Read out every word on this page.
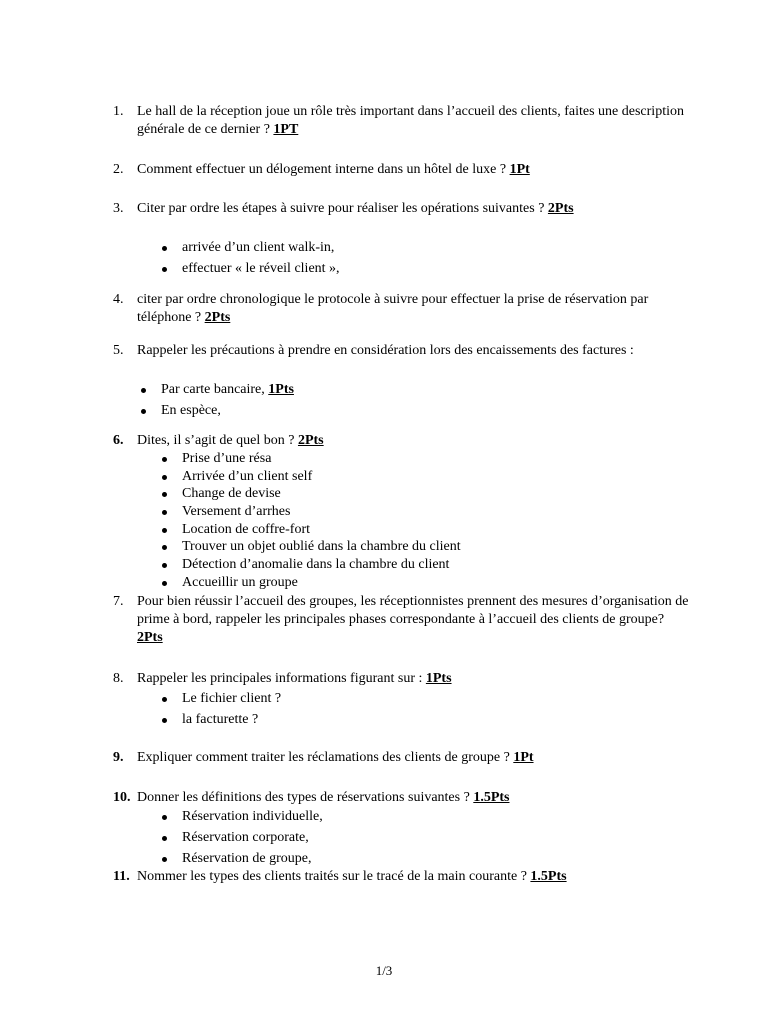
1. Le hall de la réception joue un rôle très important dans l’accueil des clients, faites une description générale de ce dernier ? 1PT
2. Comment effectuer un délogement interne dans un hôtel de luxe ? 1Pt
3. Citer par ordre les étapes à suivre pour réaliser les opérations suivantes ? 2Pts
arrivée d’un client walk-in,
effectuer « le réveil client »,
4. citer par ordre chronologique le protocole à suivre pour effectuer la prise de réservation par téléphone ? 2Pts
5. Rappeler les précautions à prendre en considération lors des encaissements des factures :
Par carte bancaire, 1Pts
En espèce,
6. Dites, il s’agit de quel bon ? 2Pts
Prise d’une résa
Arrivée d’un client self
Change de devise
Versement d’arrhes
Location de coffre-fort
Trouver un objet oublié dans la chambre du client
Détection d’anomalie dans la chambre du client
Accueillir un groupe
7. Pour bien réussir l’accueil des groupes, les réceptionnistes prennent des mesures d’organisation de prime à bord, rappeler les principales phases correspondante à l’accueil des clients de groupe? 2Pts
8. Rappeler les principales informations figurant sur : 1Pts
Le fichier client ?
la facturette ?
9. Expliquer comment traiter les réclamations des clients de groupe ? 1Pt
10. Donner les définitions des types de réservations suivantes ? 1.5Pts
Réservation individuelle,
Réservation corporate,
Réservation de groupe,
11. Nommer les types des clients traités sur le tracé de la main courante ? 1.5Pts
1/3
